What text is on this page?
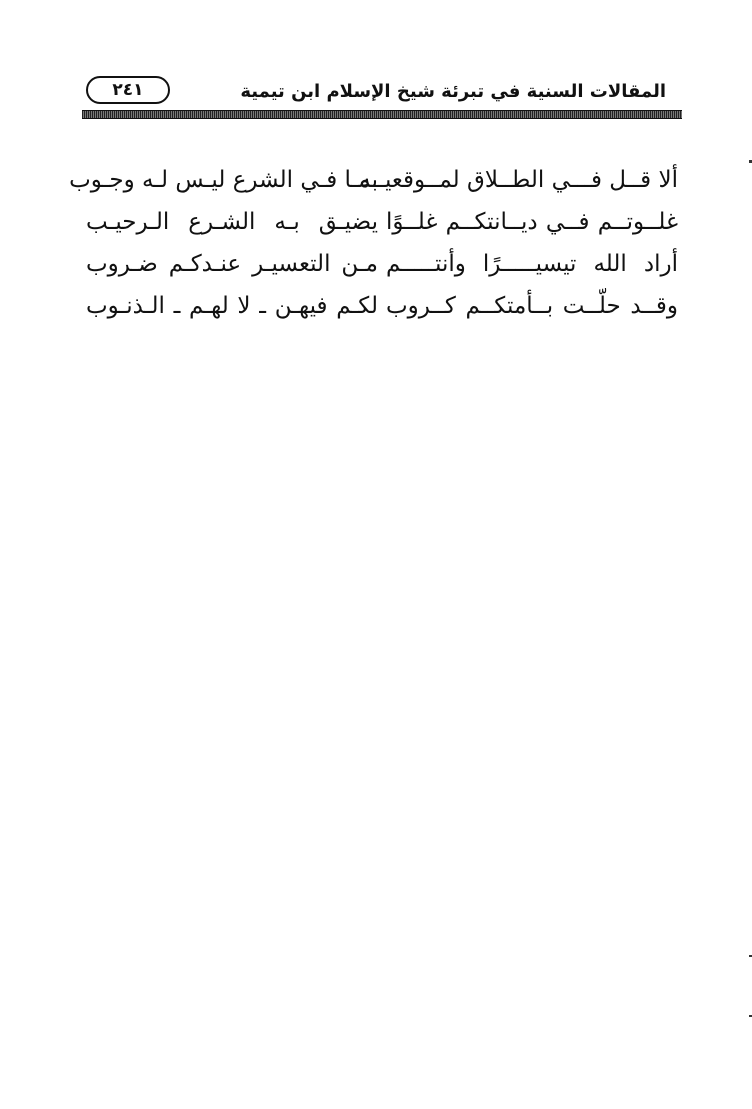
المقالات السنية في تبرئة شيخ الإسلام ابن تيمية
٢٤١
ألا قــل فـــي الطــلاق لمــوقعيــه
بمـا فـي الشرع ليـس لـه وجـوب
غلــوتــم فــي ديــانتكــم غلــوًا
يضيـق بـه الشـرع الـرحيـب
أراد الله تيسيـــــرًا وأنتـــــم
مـن التعسيـر عنـدكـم ضـروب
وقــد حلّــت بــأمتكــم كــروب
لكـم فيهـن ـ لا لهـم ـ الـذنـوب
